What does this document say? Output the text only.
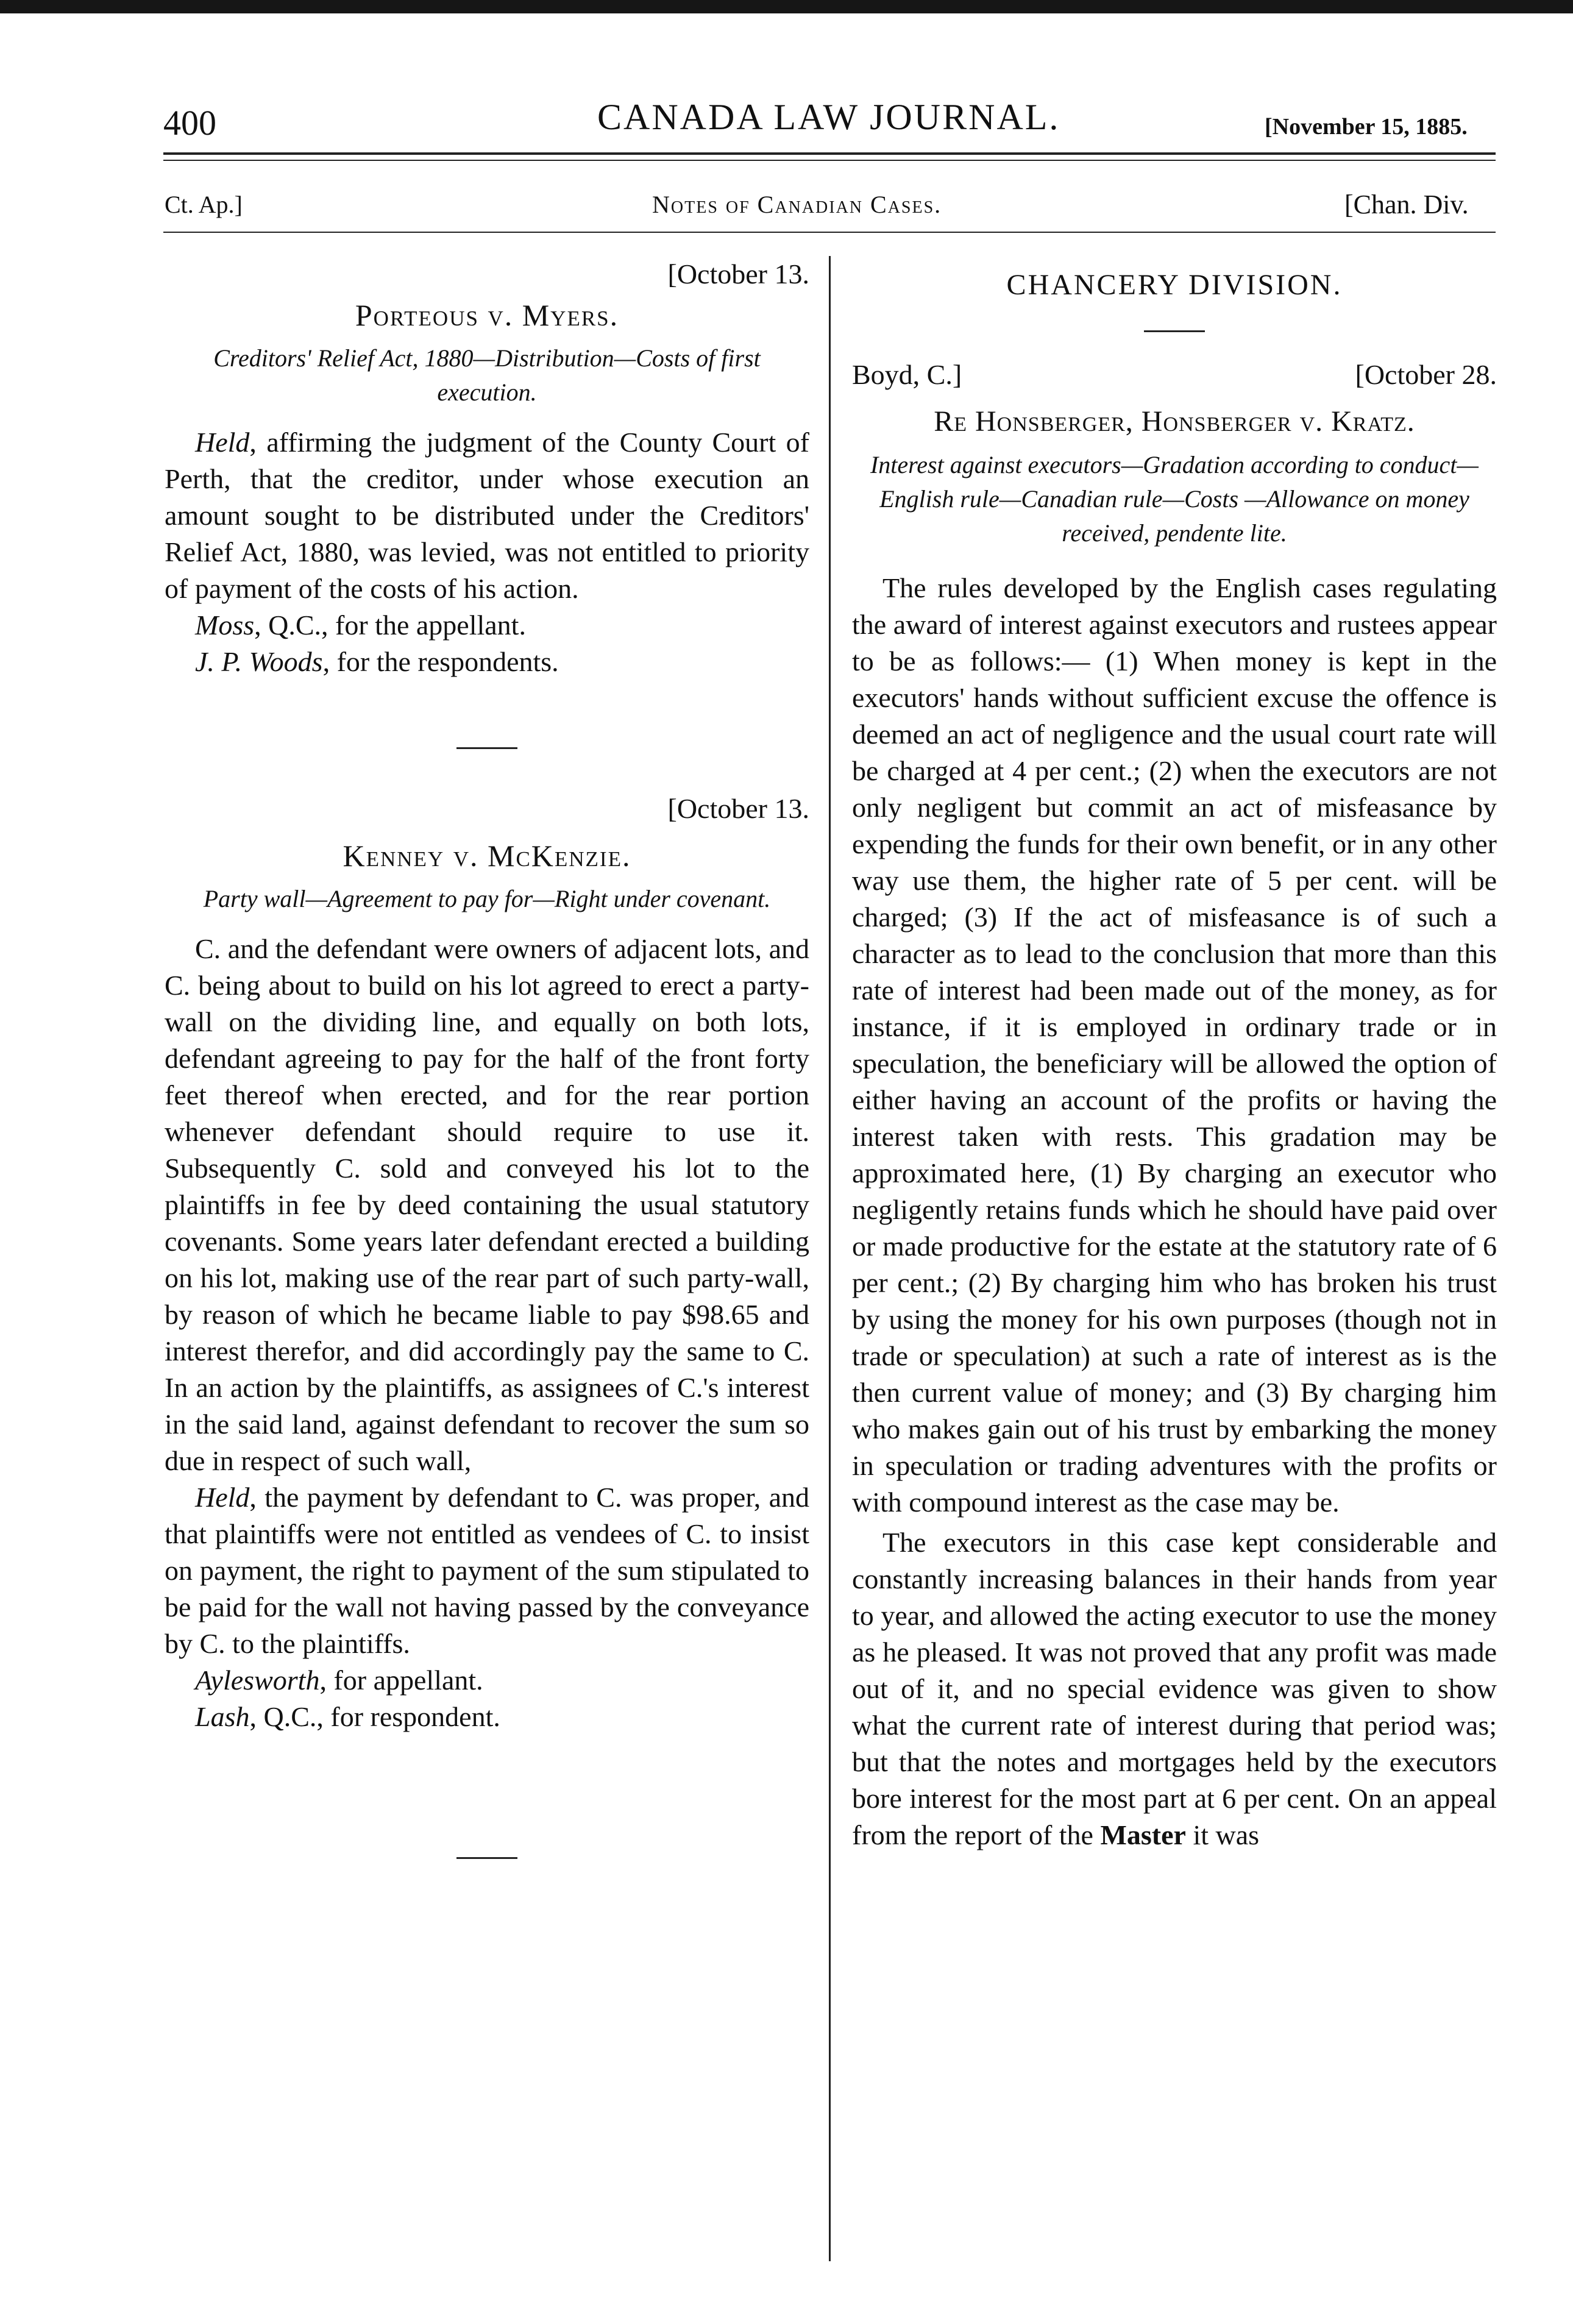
400	CANADA LAW JOURNAL.	[November 15, 1885.
Ct. Ap.]	Notes of Canadian Cases.	[Chan. Div.
[October 13.
Porteous v. Myers.
Creditors' Relief Act, 1880—Distribution—Costs of first execution.

Held, affirming the judgment of the County Court of Perth, that the creditor, under whose execution an amount sought to be distributed under the Creditors' Relief Act, 1880, was levied, was not entitled to priority of payment of the costs of his action.

Moss, Q.C., for the appellant.

J. P. Woods, for the respondents.

[October 13.
Kenney v. McKenzie.
Party wall—Agreement to pay for—Right under covenant.

C. and the defendant were owners of adjacent lots, and C. being about to build on his lot agreed to erect a party-wall on the dividing line, and equally on both lots, defendant agreeing to pay for the half of the front forty feet thereof when erected, and for the rear portion whenever defendant should require to use it. Subsequently C. sold and conveyed his lot to the plaintiffs in fee by deed containing the usual statutory covenants. Some years later defendant erected a building on his lot, making use of the rear part of such party-wall, by reason of which he became liable to pay $98.65 and interest therefor, and did accordingly pay the same to C. In an action by the plaintiffs, as assignees of C.'s interest in the said land, against defendant to recover the sum so due in respect of such wall,

Held, the payment by defendant to C. was proper, and that plaintiffs were not entitled as vendees of C. to insist on payment, the right to payment of the sum stipulated to be paid for the wall not having passed by the conveyance by C. to the plaintiffs.

Aylesworth, for appellant.

Lash, Q.C., for respondent.

CHANCERY DIVISION.
Boyd, C.]	[October 28.
Re Honsberger, Honsberger v. Kratz.
Interest against executors—Gradation according to conduct—English rule—Canadian rule—Costs —Allowance on money received, pendente lite.

The rules developed by the English cases regulating the award of interest against executors and rustees appear to be as follows:— (1) When money is kept in the executors' hands without sufficient excuse the offence is deemed an act of negligence and the usual court rate will be charged at 4 per cent.; (2) when the executors are not only negligent but commit an act of misfeasance by expending the funds for their own benefit, or in any other way use them, the higher rate of 5 per cent. will be charged; (3) If the act of misfeasance is of such a character as to lead to the conclusion that more than this rate of interest had been made out of the money, as for instance, if it is employed in ordinary trade or in speculation, the beneficiary will be allowed the option of either having an account of the profits or having the interest taken with rests. This gradation may be approximated here, (1) By charging an executor who negligently retains funds which he should have paid over or made productive for the estate at the statutory rate of 6 per cent.; (2) By charging him who has broken his trust by using the money for his own purposes (though not in trade or speculation) at such a rate of interest as is the then current value of money; and (3) By charging him who makes gain out of his trust by embarking the money in speculation or trading adventures with the profits or with compound interest as the case may be.

The executors in this case kept considerable and constantly increasing balances in their hands from year to year, and allowed the acting executor to use the money as he pleased. It was not proved that any profit was made out of it, and no special evidence was given to show what the current rate of interest during that period was; but that the notes and mortgages held by the executors bore interest for the most part at 6 per cent. On an appeal from the report of the Master it was
